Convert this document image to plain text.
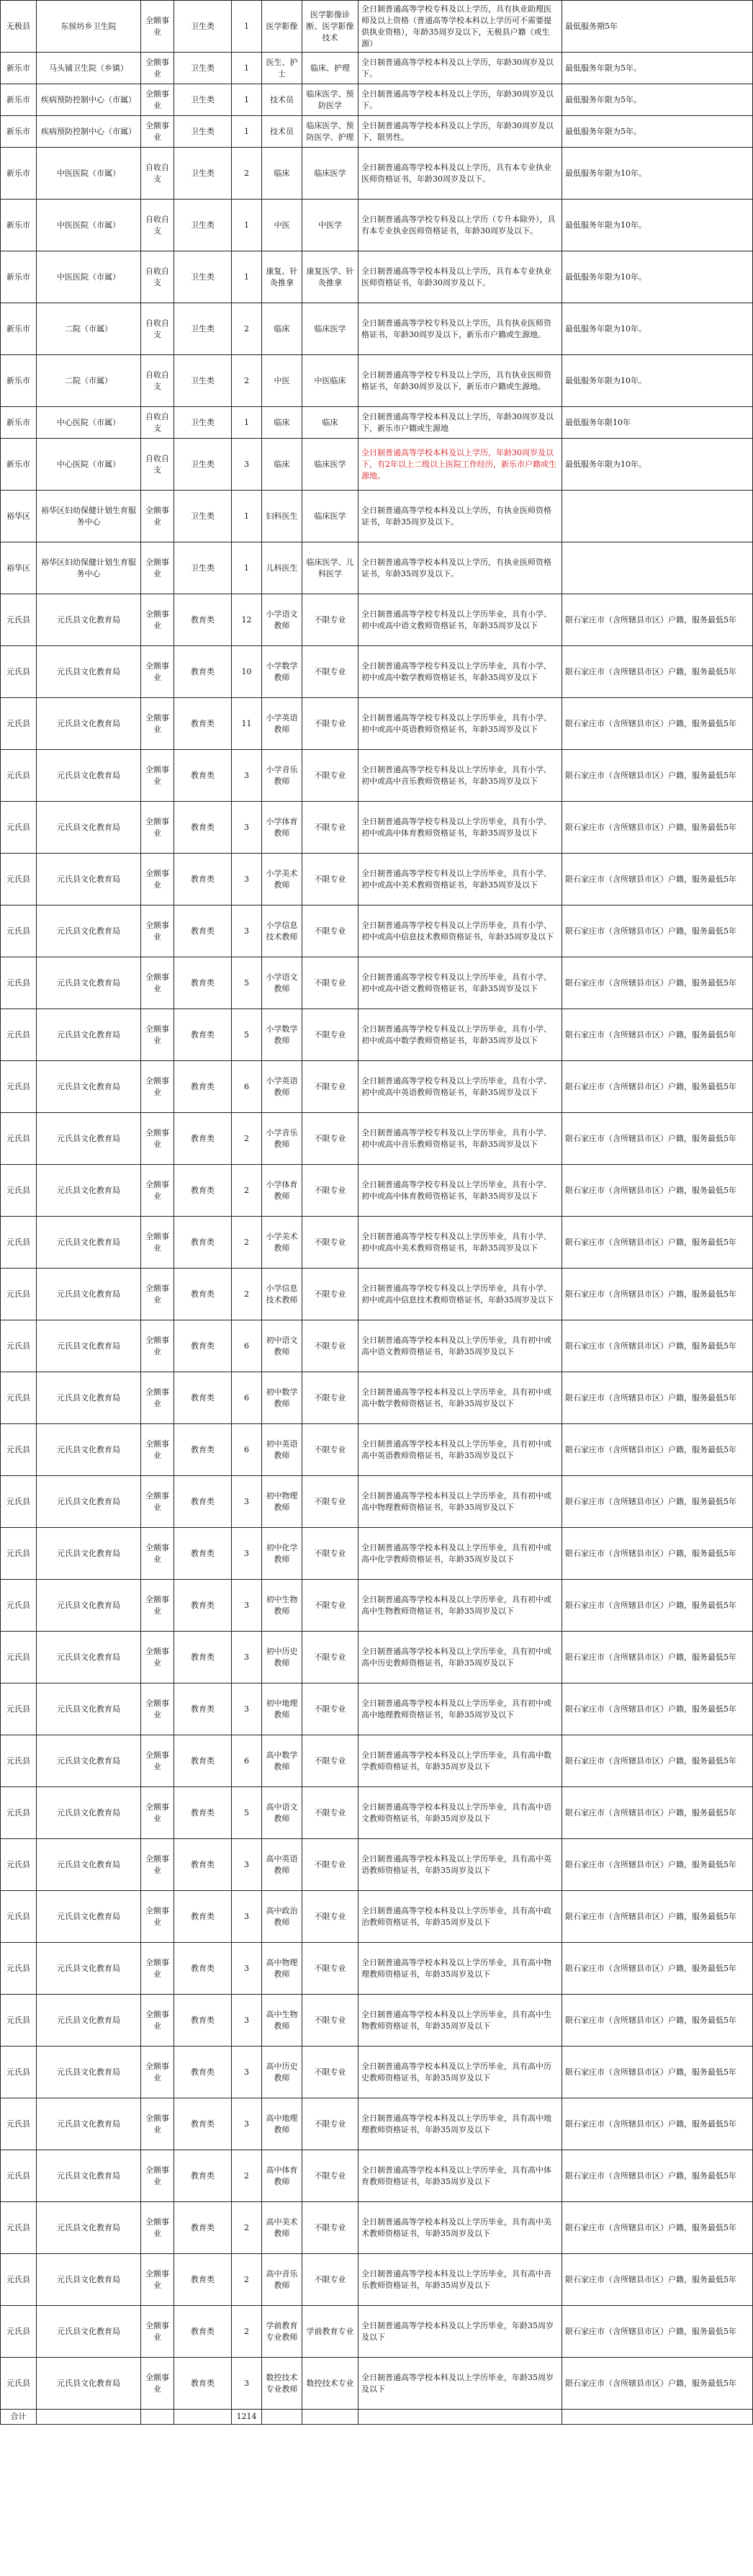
无极县	东侯坊乡卫生院	全额事业	卫生类	1	医学影像	医学影像诊断、医学影像技术	全日制普通高等学校专科及以上学历，具有执业助理医师及以上资格（普通高等学校本科以上学历可不需要提供执业资格），年龄35周岁及以下，无极县户籍（或生源）	最低服务期5年
新乐市	马头铺卫生院（乡镇）	全额事业	卫生类	1	医生、护士	临床、护理	全日制普通高等学校本科及以上学历，年龄30周岁及以下。	最低服务年限为5年。
新乐市	疾病预防控制中心（市属）	全额事业	卫生类	1	技术员	临床医学、预防医学	全日制普通高等学校本科及以上学历，年龄30周岁及以下。	最低服务年限为5年。
新乐市	疾病预防控制中心（市属）	全额事业	卫生类	1	技术员	临床医学、预防医学、护理	全日制普通高等学校本科及以上学历，年龄30周岁及以下，限男性。	最低服务年限为5年。
新乐市	中医医院（市属）	自收自支	卫生类	2	临床	临床医学	全日制普通高等学校本科及以上学历，具有本专业执业医师资格证书，年龄30周岁及以下。	最低服务年限为10年。
新乐市	中医医院（市属）	自收自支	卫生类	1	中医	中医学	全日制普通高等学校专科及以上学历（专升本除外），具有本专业执业医师资格证书，年龄30周岁及以下。	最低服务年限为10年。
新乐市	中医医院（市属）	自收自支	卫生类	1	康复、针灸推拿	康复医学、针灸推拿	全日制普通高等学校本科及以上学历，具有本专业执业医师资格证书，年龄30周岁及以下。	最低服务年限为10年。
新乐市	二院（市属）	自收自支	卫生类	2	临床	临床医学	全日制普通高等学校专科及以上学历，具有执业医师资格证书，年龄30周岁及以下，新乐市户籍或生源地。	最低服务年限为10年。
新乐市	二院（市属）	自收自支	卫生类	2	中医	中医临床	全日制普通高等学校专科及以上学历，具有执业医师资格证书，年龄30周岁及以下，新乐市户籍或生源地。	最低服务年限为10年。
新乐市	中心医院（市属）	自收自支	卫生类	1	临床	临床	全日制普通高等学校本科及以上学历，年龄30周岁及以下，新乐市户籍或生源地	最低服务年限10年
新乐市	中心医院（市属）	自收自支	卫生类	3	临床	临床医学	全日制普通高等学校本科及以上学历，年龄30周岁及以下，有2年以上二级以上医院工作经历，新乐市户籍或生源地。	最低服务年限为10年。
裕华区	裕华区妇幼保健计划生育服务中心	全额事业	卫生类	1	妇科医生	临床医学	全日制普通高等学校本科及以上学历，有执业医师资格证书，年龄35周岁及以下。	
裕华区	裕华区妇幼保健计划生育服务中心	全额事业	卫生类	1	儿科医生	临床医学、儿科医学	全日制普通高等学校本科及以上学历，有执业医师资格证书，年龄35周岁及以下。	
元氏县	元氏县文化教育局	全额事业	教育类	12	小学语文教师	不限专业	全日制普通高等学校专科及以上学历毕业，具有小学、初中或高中语文教师资格证书，年龄35周岁及以下	限石家庄市（含所辖县市区）户籍，服务最低5年
元氏县	元氏县文化教育局	全额事业	教育类	10	小学数学教师	不限专业	全日制普通高等学校专科及以上学历毕业，具有小学、初中或高中数学教师资格证书，年龄35周岁及以下	限石家庄市（含所辖县市区）户籍，服务最低5年
元氏县	元氏县文化教育局	全额事业	教育类	11	小学英语教师	不限专业	全日制普通高等学校专科及以上学历毕业，具有小学、初中或高中英语教师资格证书，年龄35周岁及以下	限石家庄市（含所辖县市区）户籍，服务最低5年
元氏县	元氏县文化教育局	全额事业	教育类	3	小学音乐教师	不限专业	全日制普通高等学校专科及以上学历毕业，具有小学、初中或高中音乐教师资格证书，年龄35周岁及以下	限石家庄市（含所辖县市区）户籍，服务最低5年
元氏县	元氏县文化教育局	全额事业	教育类	3	小学体育教师	不限专业	全日制普通高等学校专科及以上学历毕业，具有小学、初中或高中体育教师资格证书，年龄35周岁及以下	限石家庄市（含所辖县市区）户籍，服务最低5年
元氏县	元氏县文化教育局	全额事业	教育类	3	小学美术教师	不限专业	全日制普通高等学校专科及以上学历毕业，具有小学、初中或高中美术教师资格证书，年龄35周岁及以下	限石家庄市（含所辖县市区）户籍，服务最低5年
元氏县	元氏县文化教育局	全额事业	教育类	3	小学信息技术教师	不限专业	全日制普通高等学校专科及以上学历毕业，具有小学、初中或高中信息技术教师资格证书，年龄35周岁及以下	限石家庄市（含所辖县市区）户籍，服务最低5年
元氏县	元氏县文化教育局	全额事业	教育类	5	小学语文教师	不限专业	全日制普通高等学校专科及以上学历毕业，具有小学、初中或高中语文教师资格证书，年龄35周岁及以下	限石家庄市（含所辖县市区）户籍，服务最低5年
元氏县	元氏县文化教育局	全额事业	教育类	5	小学数学教师	不限专业	全日制普通高等学校专科及以上学历毕业，具有小学、初中或高中数学教师资格证书，年龄35周岁及以下	限石家庄市（含所辖县市区）户籍，服务最低5年
元氏县	元氏县文化教育局	全额事业	教育类	6	小学英语教师	不限专业	全日制普通高等学校专科及以上学历毕业，具有小学、初中或高中英语教师资格证书，年龄35周岁及以下	限石家庄市（含所辖县市区）户籍，服务最低5年
元氏县	元氏县文化教育局	全额事业	教育类	2	小学音乐教师	不限专业	全日制普通高等学校专科及以上学历毕业，具有小学、初中或高中音乐教师资格证书，年龄35周岁及以下	限石家庄市（含所辖县市区）户籍，服务最低5年
元氏县	元氏县文化教育局	全额事业	教育类	2	小学体育教师	不限专业	全日制普通高等学校专科及以上学历毕业，具有小学、初中或高中体育教师资格证书，年龄35周岁及以下	限石家庄市（含所辖县市区）户籍，服务最低5年
元氏县	元氏县文化教育局	全额事业	教育类	2	小学美术教师	不限专业	全日制普通高等学校专科及以上学历毕业，具有小学、初中或高中美术教师资格证书，年龄35周岁及以下	限石家庄市（含所辖县市区）户籍，服务最低5年
元氏县	元氏县文化教育局	全额事业	教育类	2	小学信息技术教师	不限专业	全日制普通高等学校专科及以上学历毕业，具有小学、初中或高中信息技术教师资格证书，年龄35周岁及以下	限石家庄市（含所辖县市区）户籍，服务最低5年
元氏县	元氏县文化教育局	全额事业	教育类	6	初中语文教师	不限专业	全日制普通高等学校本科及以上学历毕业，具有初中或高中语文教师资格证书，年龄35周岁及以下	限石家庄市（含所辖县市区）户籍，服务最低5年
元氏县	元氏县文化教育局	全额事业	教育类	6	初中数学教师	不限专业	全日制普通高等学校本科及以上学历毕业，具有初中或高中数学教师资格证书，年龄35周岁及以下	限石家庄市（含所辖县市区）户籍，服务最低5年
元氏县	元氏县文化教育局	全额事业	教育类	6	初中英语教师	不限专业	全日制普通高等学校本科及以上学历毕业，具有初中或高中英语教师资格证书，年龄35周岁及以下	限石家庄市（含所辖县市区）户籍，服务最低5年
元氏县	元氏县文化教育局	全额事业	教育类	3	初中物理教师	不限专业	全日制普通高等学校本科及以上学历毕业，具有初中或高中物理教师资格证书，年龄35周岁及以下	限石家庄市（含所辖县市区）户籍，服务最低5年
元氏县	元氏县文化教育局	全额事业	教育类	3	初中化学教师	不限专业	全日制普通高等学校本科及以上学历毕业，具有初中或高中化学教师资格证书，年龄35周岁及以下	限石家庄市（含所辖县市区）户籍，服务最低5年
元氏县	元氏县文化教育局	全额事业	教育类	3	初中生物教师	不限专业	全日制普通高等学校本科及以上学历毕业，具有初中或高中生物教师资格证书，年龄35周岁及以下	限石家庄市（含所辖县市区）户籍，服务最低5年
元氏县	元氏县文化教育局	全额事业	教育类	3	初中历史教师	不限专业	全日制普通高等学校本科及以上学历毕业，具有初中或高中历史教师资格证书，年龄35周岁及以下	限石家庄市（含所辖县市区）户籍，服务最低5年
元氏县	元氏县文化教育局	全额事业	教育类	3	初中地理教师	不限专业	全日制普通高等学校本科及以上学历毕业，具有初中或高中地理教师资格证书，年龄35周岁及以下	限石家庄市（含所辖县市区）户籍，服务最低5年
元氏县	元氏县文化教育局	全额事业	教育类	6	高中数学教师	不限专业	全日制普通高等学校本科及以上学历毕业，具有高中数学教师资格证书，年龄35周岁及以下	限石家庄市（含所辖县市区）户籍，服务最低5年
元氏县	元氏县文化教育局	全额事业	教育类	5	高中语文教师	不限专业	全日制普通高等学校本科及以上学历毕业，具有高中语文教师资格证书，年龄35周岁及以下	限石家庄市（含所辖县市区）户籍，服务最低5年
元氏县	元氏县文化教育局	全额事业	教育类	3	高中英语教师	不限专业	全日制普通高等学校本科及以上学历毕业，具有高中英语教师资格证书，年龄35周岁及以下	限石家庄市（含所辖县市区）户籍，服务最低5年
元氏县	元氏县文化教育局	全额事业	教育类	3	高中政治教师	不限专业	全日制普通高等学校本科及以上学历毕业，具有高中政治教师资格证书，年龄35周岁及以下	限石家庄市（含所辖县市区）户籍，服务最低5年
元氏县	元氏县文化教育局	全额事业	教育类	3	高中物理教师	不限专业	全日制普通高等学校本科及以上学历毕业，具有高中物理教师资格证书，年龄35周岁及以下	限石家庄市（含所辖县市区）户籍，服务最低5年
元氏县	元氏县文化教育局	全额事业	教育类	3	高中生物教师	不限专业	全日制普通高等学校本科及以上学历毕业，具有高中生物教师资格证书，年龄35周岁及以下	限石家庄市（含所辖县市区）户籍，服务最低5年
元氏县	元氏县文化教育局	全额事业	教育类	3	高中历史教师	不限专业	全日制普通高等学校本科及以上学历毕业，具有高中历史教师资格证书，年龄35周岁及以下	限石家庄市（含所辖县市区）户籍，服务最低5年
元氏县	元氏县文化教育局	全额事业	教育类	3	高中地理教师	不限专业	全日制普通高等学校本科及以上学历毕业，具有高中地理教师资格证书，年龄35周岁及以下	限石家庄市（含所辖县市区）户籍，服务最低5年
元氏县	元氏县文化教育局	全额事业	教育类	2	高中体育教师	不限专业	全日制普通高等学校本科及以上学历毕业，具有高中体育教师资格证书，年龄35周岁及以下	限石家庄市（含所辖县市区）户籍，服务最低5年
元氏县	元氏县文化教育局	全额事业	教育类	2	高中美术教师	不限专业	全日制普通高等学校本科及以上学历毕业，具有高中美术教师资格证书，年龄35周岁及以下	限石家庄市（含所辖县市区）户籍，服务最低5年
元氏县	元氏县文化教育局	全额事业	教育类	2	高中音乐教师	不限专业	全日制普通高等学校本科及以上学历毕业，具有高中音乐教师资格证书，年龄35周岁及以下	限石家庄市（含所辖县市区）户籍，服务最低5年
元氏县	元氏县文化教育局	全额事业	教育类	2	学前教育专业教师	学前教育专业	全日制普通高等学校本科及以上学历毕业，年龄35周岁及以下	限石家庄市（含所辖县市区）户籍，服务最低5年
元氏县	元氏县文化教育局	全额事业	教育类	3	数控技术专业教师	数控技术专业	全日制普通高等学校本科及以上学历毕业，年龄35周岁及以下	限石家庄市（含所辖县市区）户籍，服务最低5年
合计				1214				
